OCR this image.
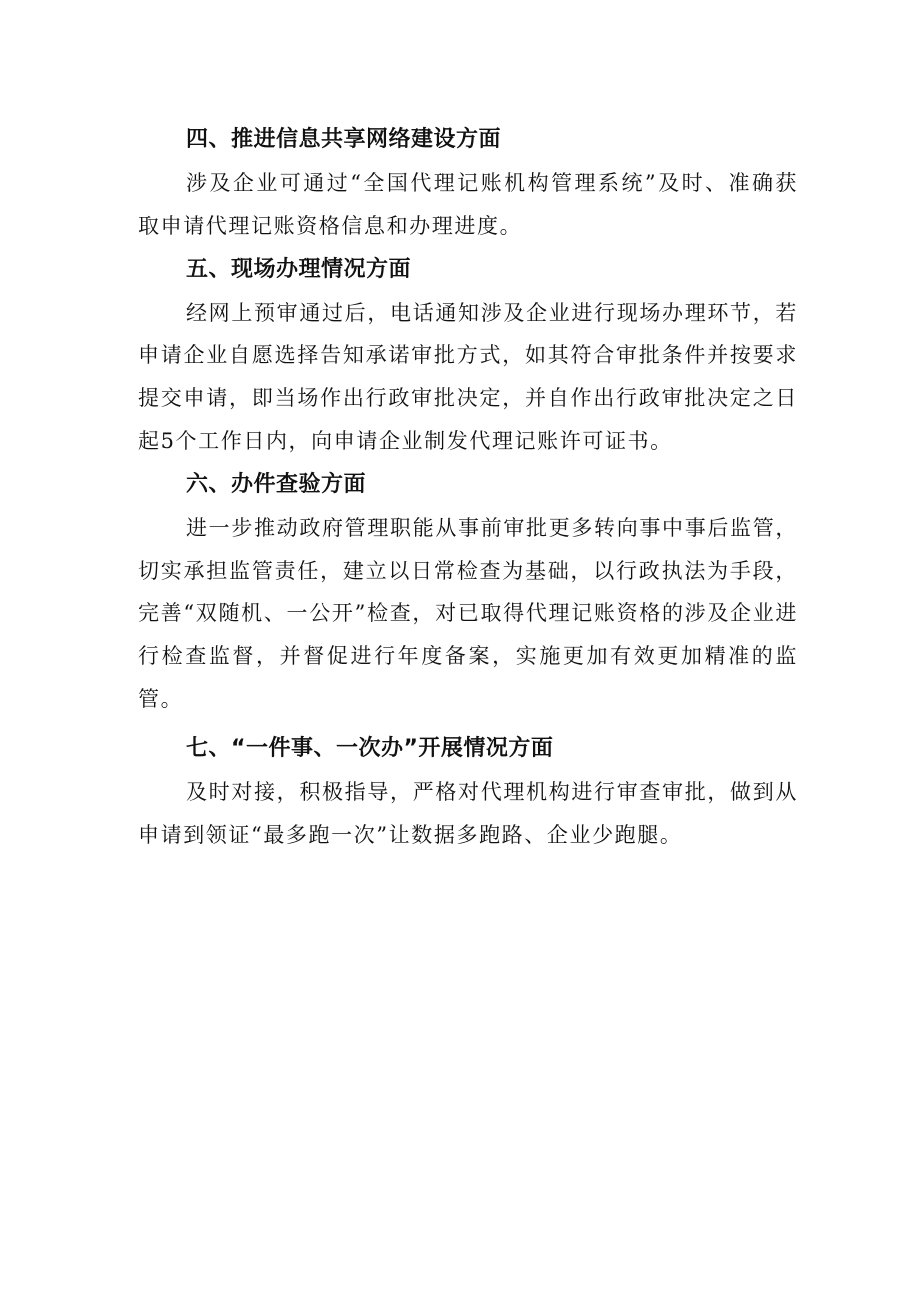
四、推进信息共享网络建设方面

涉及企业可通过“全国代理记账机构管理系统”及时、准确获取申请代理记账资格信息和办理进度。

五、现场办理情况方面

经网上预审通过后，电话通知涉及企业进行现场办理环节，若申请企业自愿选择告知承诺审批方式，如其符合审批条件并按要求提交申请，即当场作出行政审批决定，并自作出行政审批决定之日起5个工作日内，向申请企业制发代理记账许可证书。

六、办件查验方面

进一步推动政府管理职能从事前审批更多转向事中事后监管，切实承担监管责任，建立以日常检查为基础，以行政执法为手段，完善“双随机、一公开”检查，对已取得代理记账资格的涉及企业进行检查监督，并督促进行年度备案，实施更加有效更加精准的监管。

七、“一件事、一次办”开展情况方面

及时对接，积极指导，严格对代理机构进行审查审批，做到从申请到领证“最多跑一次”让数据多跑路、企业少跑腿。
